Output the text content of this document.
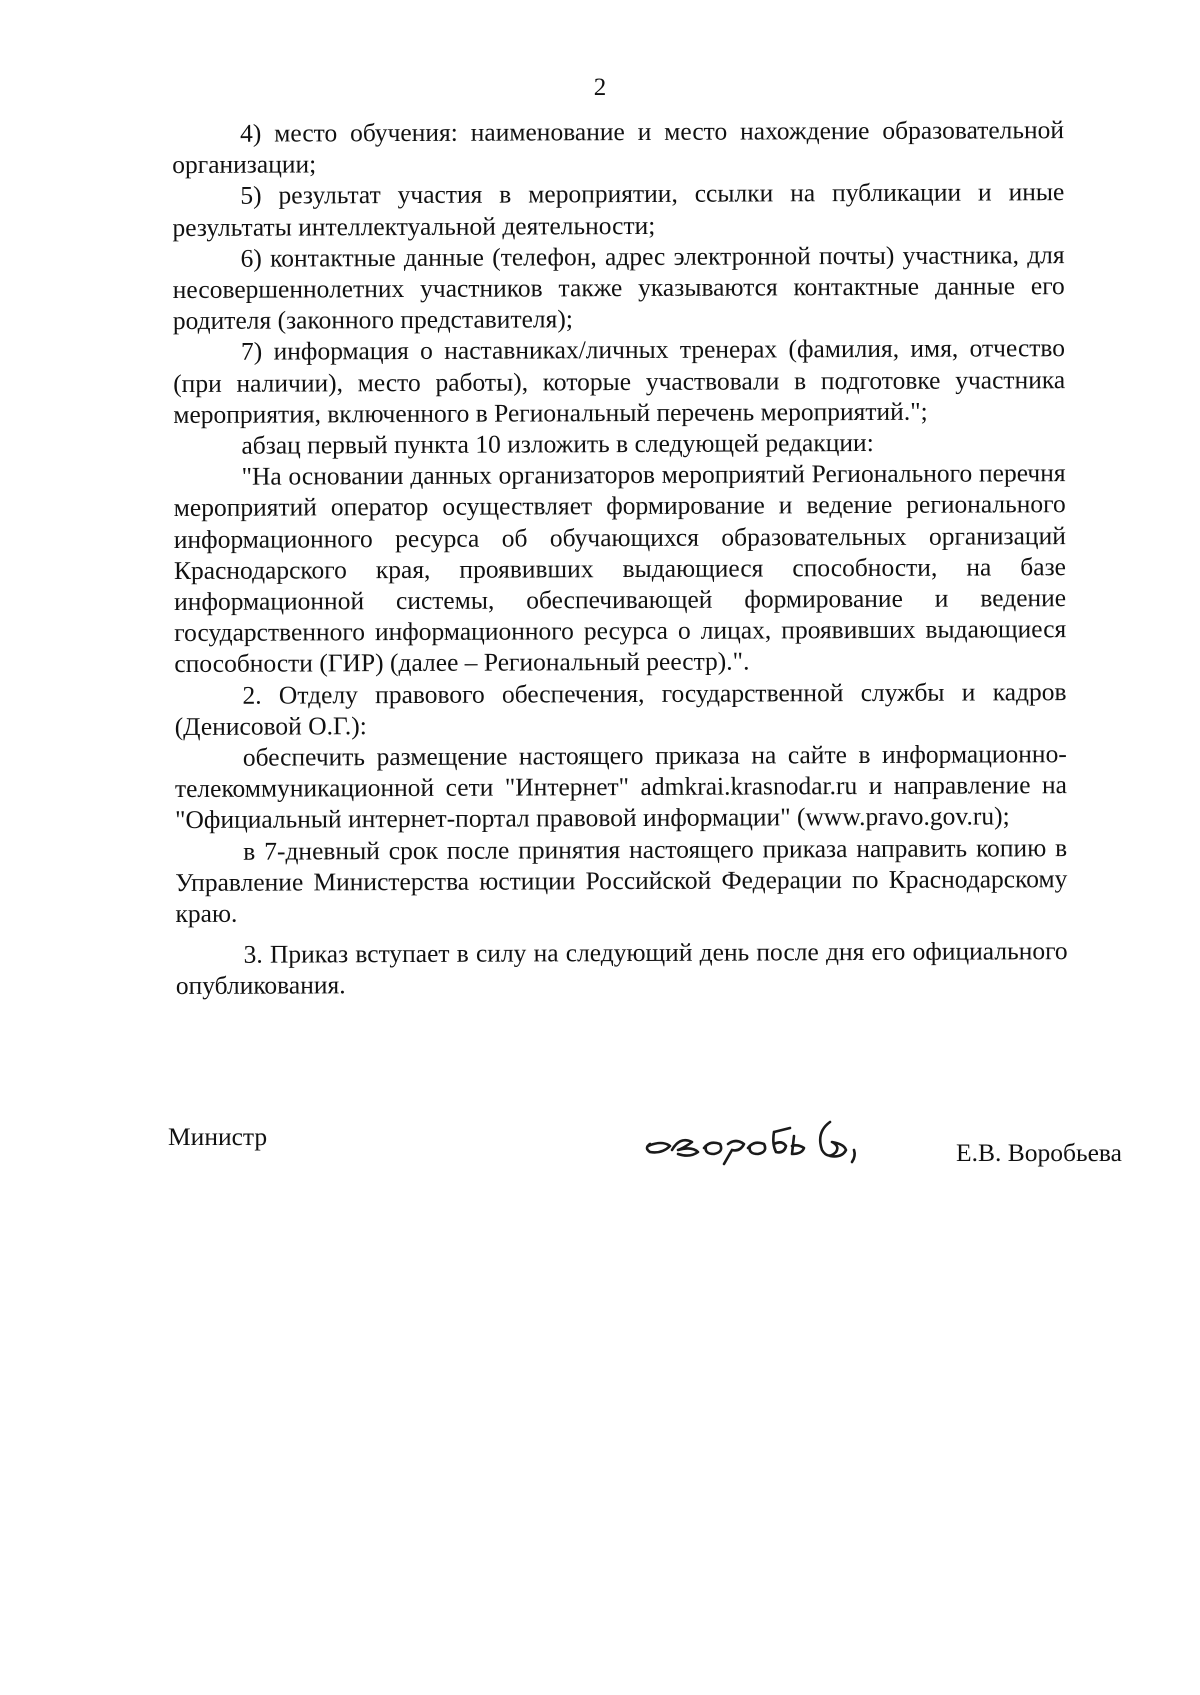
2

4) место обучения: наименование и место нахождение образовательной организации;

5) результат участия в мероприятии, ссылки на публикации и иные результаты интеллектуальной деятельности;

6) контактные данные (телефон, адрес электронной почты) участника, для несовершеннолетних участников также указываются контактные данные его родителя (законного представителя);

7) информация о наставниках/личных тренерах (фамилия, имя, отчество (при наличии), место работы), которые участвовали в подготовке участника мероприятия, включенного в Региональный перечень мероприятий.";

абзац первый пункта 10 изложить в следующей редакции:

"На основании данных организаторов мероприятий Регионального перечня мероприятий оператор осуществляет формирование и ведение регионального информационного ресурса об обучающихся образовательных организаций Краснодарского края, проявивших выдающиеся способности, на базе информационной системы, обеспечивающей формирование и ведение государственного информационного ресурса о лицах, проявивших выдающиеся способности (ГИР) (далее – Региональный реестр).".

2. Отделу правового обеспечения, государственной службы и кадров (Денисовой О.Г.):

обеспечить размещение настоящего приказа на сайте в информационно-телекоммуникационной сети "Интернет" admkrai.krasnodar.ru и направление на "Официальный интернет-портал правовой информации" (www.pravo.gov.ru);

в 7-дневный срок после принятия настоящего приказа направить копию в Управление Министерства юстиции Российской Федерации по Краснодарскому краю.

3. Приказ вступает в силу на следующий день после дня его официального опубликования.

Министр
Е.В. Воробьева
